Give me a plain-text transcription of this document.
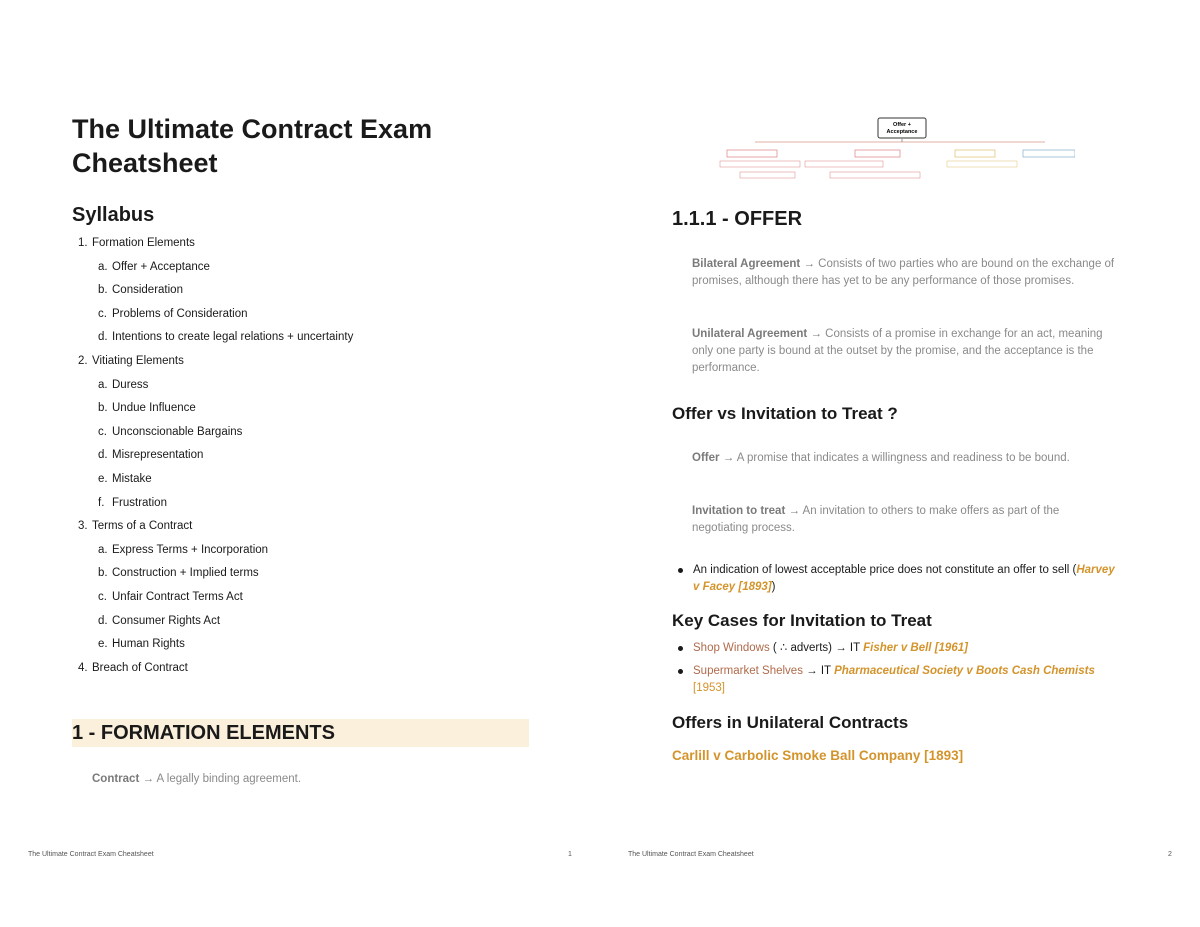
The Ultimate Contract Exam Cheatsheet
Syllabus
1. Formation Elements
a. Offer + Acceptance
b. Consideration
c. Problems of Consideration
d. Intentions to create legal relations + uncertainty
2. Vitiating Elements
a. Duress
b. Undue Influence
c. Unconscionable Bargains
d. Misrepresentation
e. Mistake
f. Frustration
3. Terms of a Contract
a. Express Terms + Incorporation
b. Construction + Implied terms
c. Unfair Contract Terms Act
d. Consumer Rights Act
e. Human Rights
4. Breach of Contract
1 - FORMATION ELEMENTS
Contract → A legally binding agreement.
The Ultimate Contract Exam Cheatsheet	1
Offer + Acceptance
1.1.1 - OFFER
Bilateral Agreement → Consists of two parties who are bound on the exchange of promises, although there has yet to be any performance of those promises.
Unilateral Agreement → Consists of a promise in exchange for an act, meaning only one party is bound at the outset by the promise, and the acceptance is the performance.
Offer vs Invitation to Treat ?
Offer → A promise that indicates a willingness and readiness to be bound.
Invitation to treat → An invitation to others to make offers as part of the negotiating process.
An indication of lowest acceptable price does not constitute an offer to sell (Harvey v Facey [1893])
Key Cases for Invitation to Treat
Shop Windows ( ∴ adverts) → IT Fisher v Bell [1961]
Supermarket Shelves → IT Pharmaceutical Society v Boots Cash Chemists [1953]
Offers in Unilateral Contracts
Carlill v Carbolic Smoke Ball Company [1893]
The Ultimate Contract Exam Cheatsheet	2
